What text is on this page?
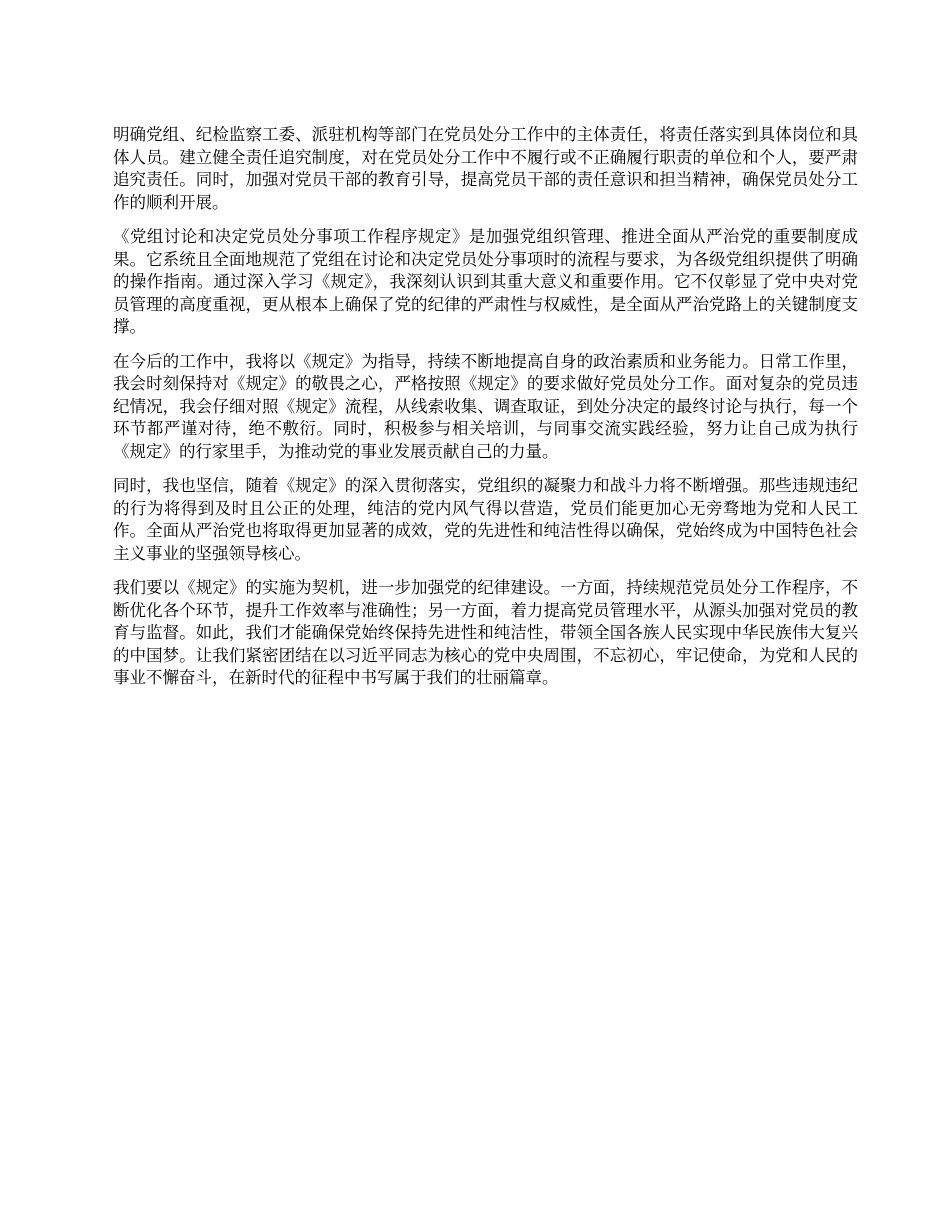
明确党组、纪检监察工委、派驻机构等部门在党员处分工作中的主体责任，将责任落实到具体岗位和具体人员。建立健全责任追究制度，对在党员处分工作中不履行或不正确履行职责的单位和个人，要严肃追究责任。同时，加强对党员干部的教育引导，提高党员干部的责任意识和担当精神，确保党员处分工作的顺利开展。

《党组讨论和决定党员处分事项工作程序规定》是加强党组织管理、推进全面从严治党的重要制度成果。它系统且全面地规范了党组在讨论和决定党员处分事项时的流程与要求，为各级党组织提供了明确的操作指南。通过深入学习《规定》，我深刻认识到其重大意义和重要作用。它不仅彰显了党中央对党员管理的高度重视，更从根本上确保了党的纪律的严肃性与权威性，是全面从严治党路上的关键制度支撑。

在今后的工作中，我将以《规定》为指导，持续不断地提高自身的政治素质和业务能力。日常工作里，我会时刻保持对《规定》的敬畏之心，严格按照《规定》的要求做好党员处分工作。面对复杂的党员违纪情况，我会仔细对照《规定》流程，从线索收集、调查取证，到处分决定的最终讨论与执行，每一个环节都严谨对待，绝不敷衍。同时，积极参与相关培训，与同事交流实践经验，努力让自己成为执行《规定》的行家里手，为推动党的事业发展贡献自己的力量。

同时，我也坚信，随着《规定》的深入贯彻落实，党组织的凝聚力和战斗力将不断增强。那些违规违纪的行为将得到及时且公正的处理，纯洁的党内风气得以营造，党员们能更加心无旁骛地为党和人民工作。全面从严治党也将取得更加显著的成效，党的先进性和纯洁性得以确保，党始终成为中国特色社会主义事业的坚强领导核心。

我们要以《规定》的实施为契机，进一步加强党的纪律建设。一方面，持续规范党员处分工作程序，不断优化各个环节，提升工作效率与准确性；另一方面，着力提高党员管理水平，从源头加强对党员的教育与监督。如此，我们才能确保党始终保持先进性和纯洁性，带领全国各族人民实现中华民族伟大复兴的中国梦。让我们紧密团结在以习近平同志为核心的党中央周围，不忘初心，牢记使命，为党和人民的事业不懈奋斗，在新时代的征程中书写属于我们的壮丽篇章。
